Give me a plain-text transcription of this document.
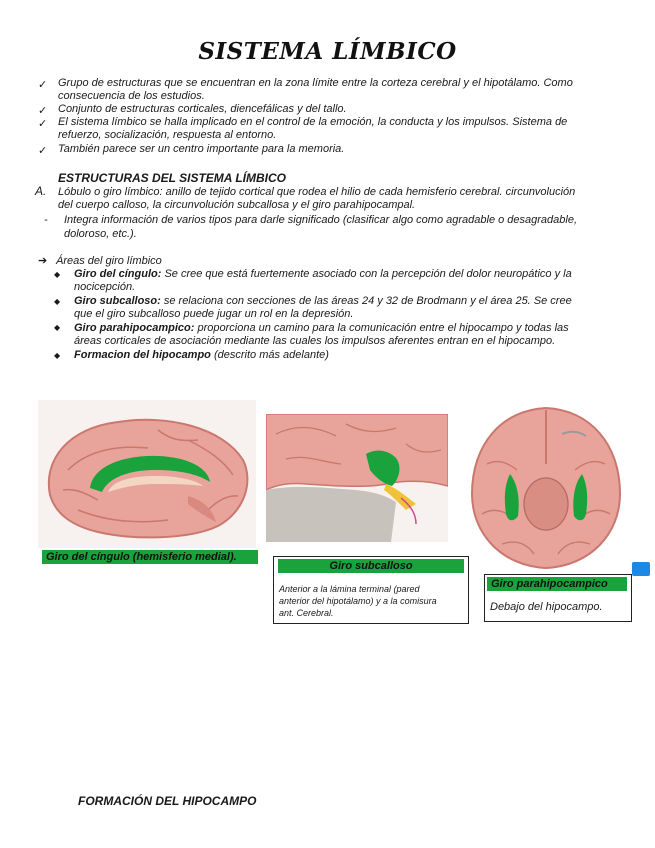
SISTEMA LÍMBICO
✓ Grupo de estructuras que se encuentran en la zona límite entre la corteza cerebral y el hipotálamo. Como
consecuencia de los estudios.
✓ Conjunto de estructuras corticales, diencefálicas y del tallo.
✓ El sistema límbico se halla implicado en el control de la emoción, la conducta y los impulsos. Sistema de
refuerzo, socialización, respuesta al entorno.
✓ También parece ser un centro importante para la memoria.
ESTRUCTURAS DEL SISTEMA LÍMBICO
A. Lóbulo o giro límbico: anillo de tejido cortical que rodea el hilio de cada hemisferio cerebral. circunvolución
del cuerpo calloso, la circunvolución subcallosa y el giro parahipocampal.
- Integra información de varios tipos para darle significado (clasificar algo como agradable o desagradable,
doloroso, etc.).
➔ Áreas del giro límbico
◆ Giro del cíngulo: Se cree que está fuertemente asociado con la percepción del dolor neuropático y la
nocicepción.
◆ Giro subcalloso: se relaciona con secciones de las áreas 24 y 32 de Brodmann y el área 25. Se cree
que el giro subcalloso puede jugar un rol en la depresión.
◆ Giro parahipocampico: proporciona un camino para la comunicación entre el hipocampo y todas las
áreas corticales de asociación mediante las cuales los impulsos aferentes entran en el hipocampo.
◆ Formacion del hipocampo (descrito más adelante)
Giro del cíngulo (hemisferio medial).
Giro subcalloso
Anterior a la lámina terminal (pared
anterior del hipotálamo) y a la comisura
ant. Cerebral.
Giro parahipocampico
Debajo del hipocampo.
FORMACIÓN DEL HIPOCAMPO
